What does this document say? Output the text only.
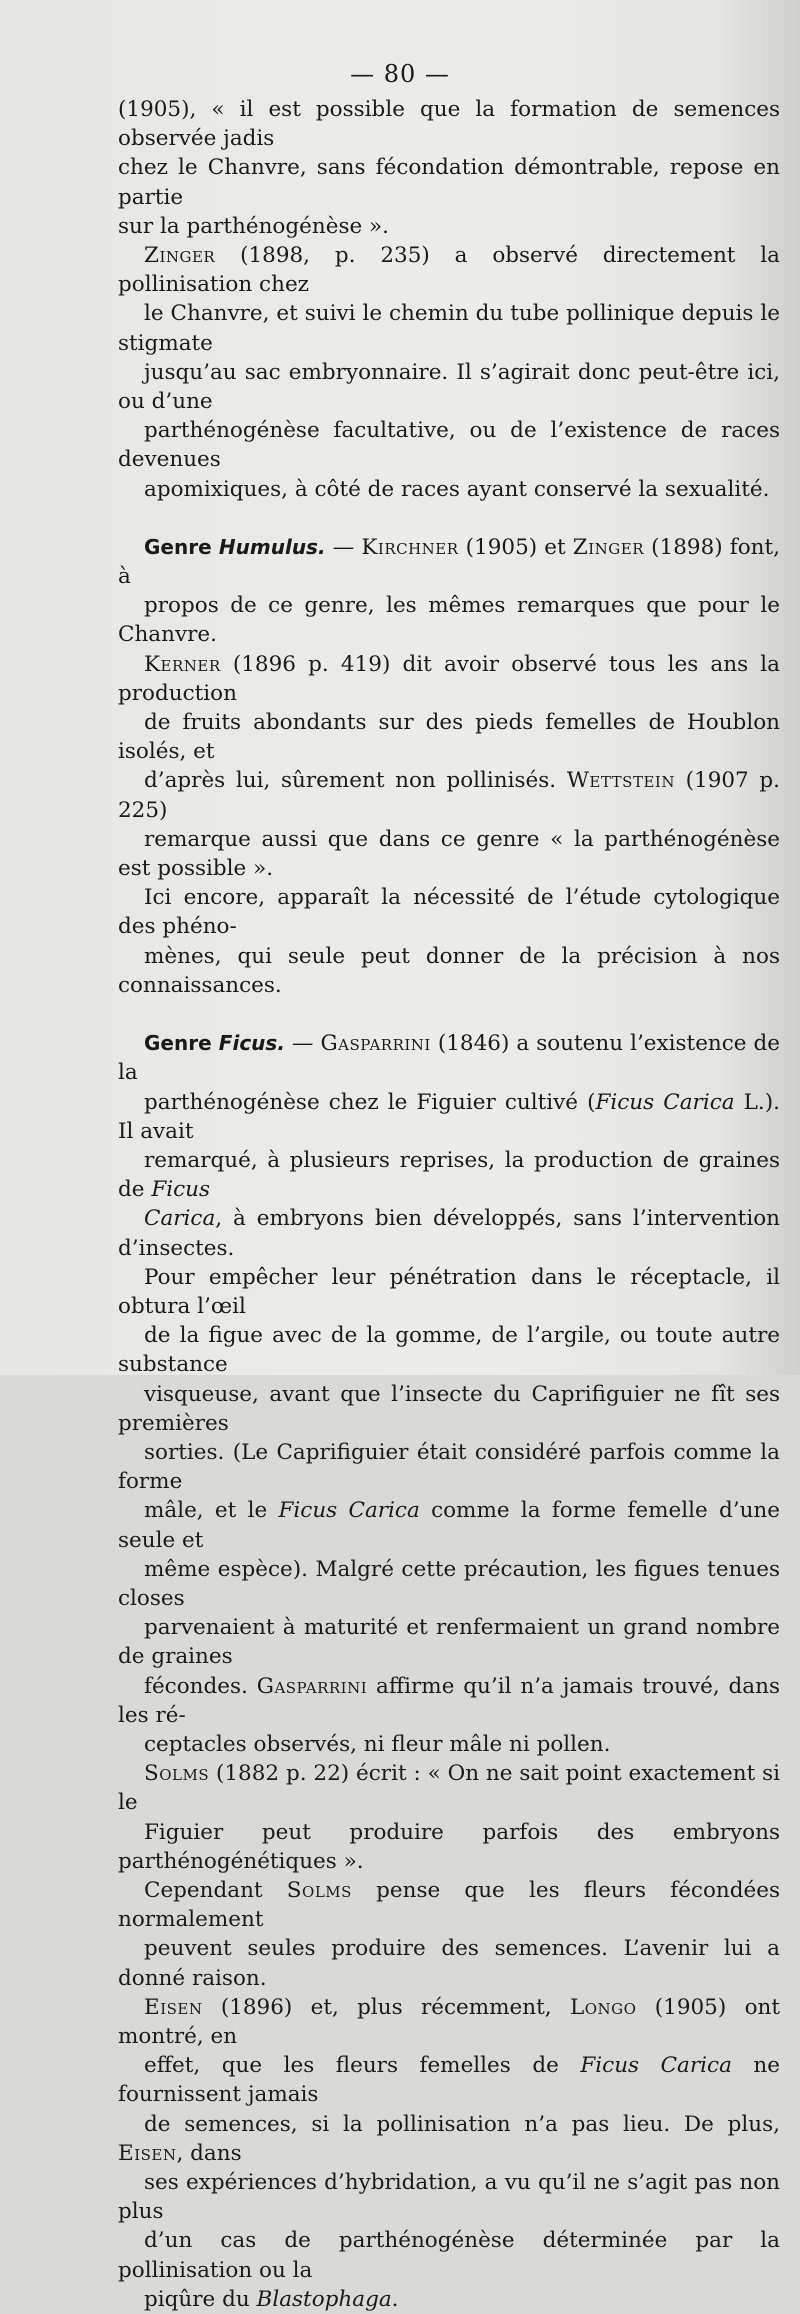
— 80 —

(1905), « il est possible que la formation de semences observée jadis
chez le Chanvre, sans fécondation démontrable, repose en partie
sur la parthénogénèse ».

Zinger (1898, p. 235) a observé directement la pollinisation chez
le Chanvre, et suivi le chemin du tube pollinique depuis le stigmate
jusqu’au sac embryonnaire. Il s’agirait donc peut-être ici, ou d’une
parthénogénèse facultative, ou de l’existence de races devenues
apomixiques, à côté de races ayant conservé la sexualité.

Genre Humulus. — Kirchner (1905) et Zinger (1898) font, à
propos de ce genre, les mêmes remarques que pour le Chanvre.
Kerner (1896 p. 419) dit avoir observé tous les ans la production
de fruits abondants sur des pieds femelles de Houblon isolés, et
d’après lui, sûrement non pollinisés. Wettstein (1907 p. 225)
remarque aussi que dans ce genre « la parthénogénèse est possible ».
Ici encore, apparaît la nécessité de l’étude cytologique des phéno-
mènes, qui seule peut donner de la précision à nos connaissances.

Genre Ficus. — Gasparrini (1846) a soutenu l’existence de la
parthénogénèse chez le Figuier cultivé (Ficus Carica L.). Il avait
remarqué, à plusieurs reprises, la production de graines de Ficus
Carica, à embryons bien développés, sans l’intervention d’insectes.
Pour empêcher leur pénétration dans le réceptacle, il obtura l’œil
de la figue avec de la gomme, de l’argile, ou toute autre substance
visqueuse, avant que l’insecte du Caprifiguier ne fît ses premières
sorties. (Le Caprifiguier était considéré parfois comme la forme
mâle, et le Ficus Carica comme la forme femelle d’une seule et
même espèce). Malgré cette précaution, les figues tenues closes
parvenaient à maturité et renfermaient un grand nombre de graines
fécondes. Gasparrini affirme qu’il n’a jamais trouvé, dans les ré-
ceptacles observés, ni fleur mâle ni pollen.

Solms (1882 p. 22) écrit : « On ne sait point exactement si le
Figuier peut produire parfois des embryons parthénogénétiques ».
Cependant Solms pense que les fleurs fécondées normalement
peuvent seules produire des semences. L’avenir lui a donné raison.
Eisen (1896) et, plus récemment, Longo (1905) ont montré, en
effet, que les fleurs femelles de Ficus Carica ne fournissent jamais
de semences, si la pollinisation n’a pas lieu. De plus, Eisen, dans
ses expériences d’hybridation, a vu qu’il ne s’agit pas non plus
d’un cas de parthénogénèse déterminée par la pollinisation ou la
piqûre du Blastophaga.
